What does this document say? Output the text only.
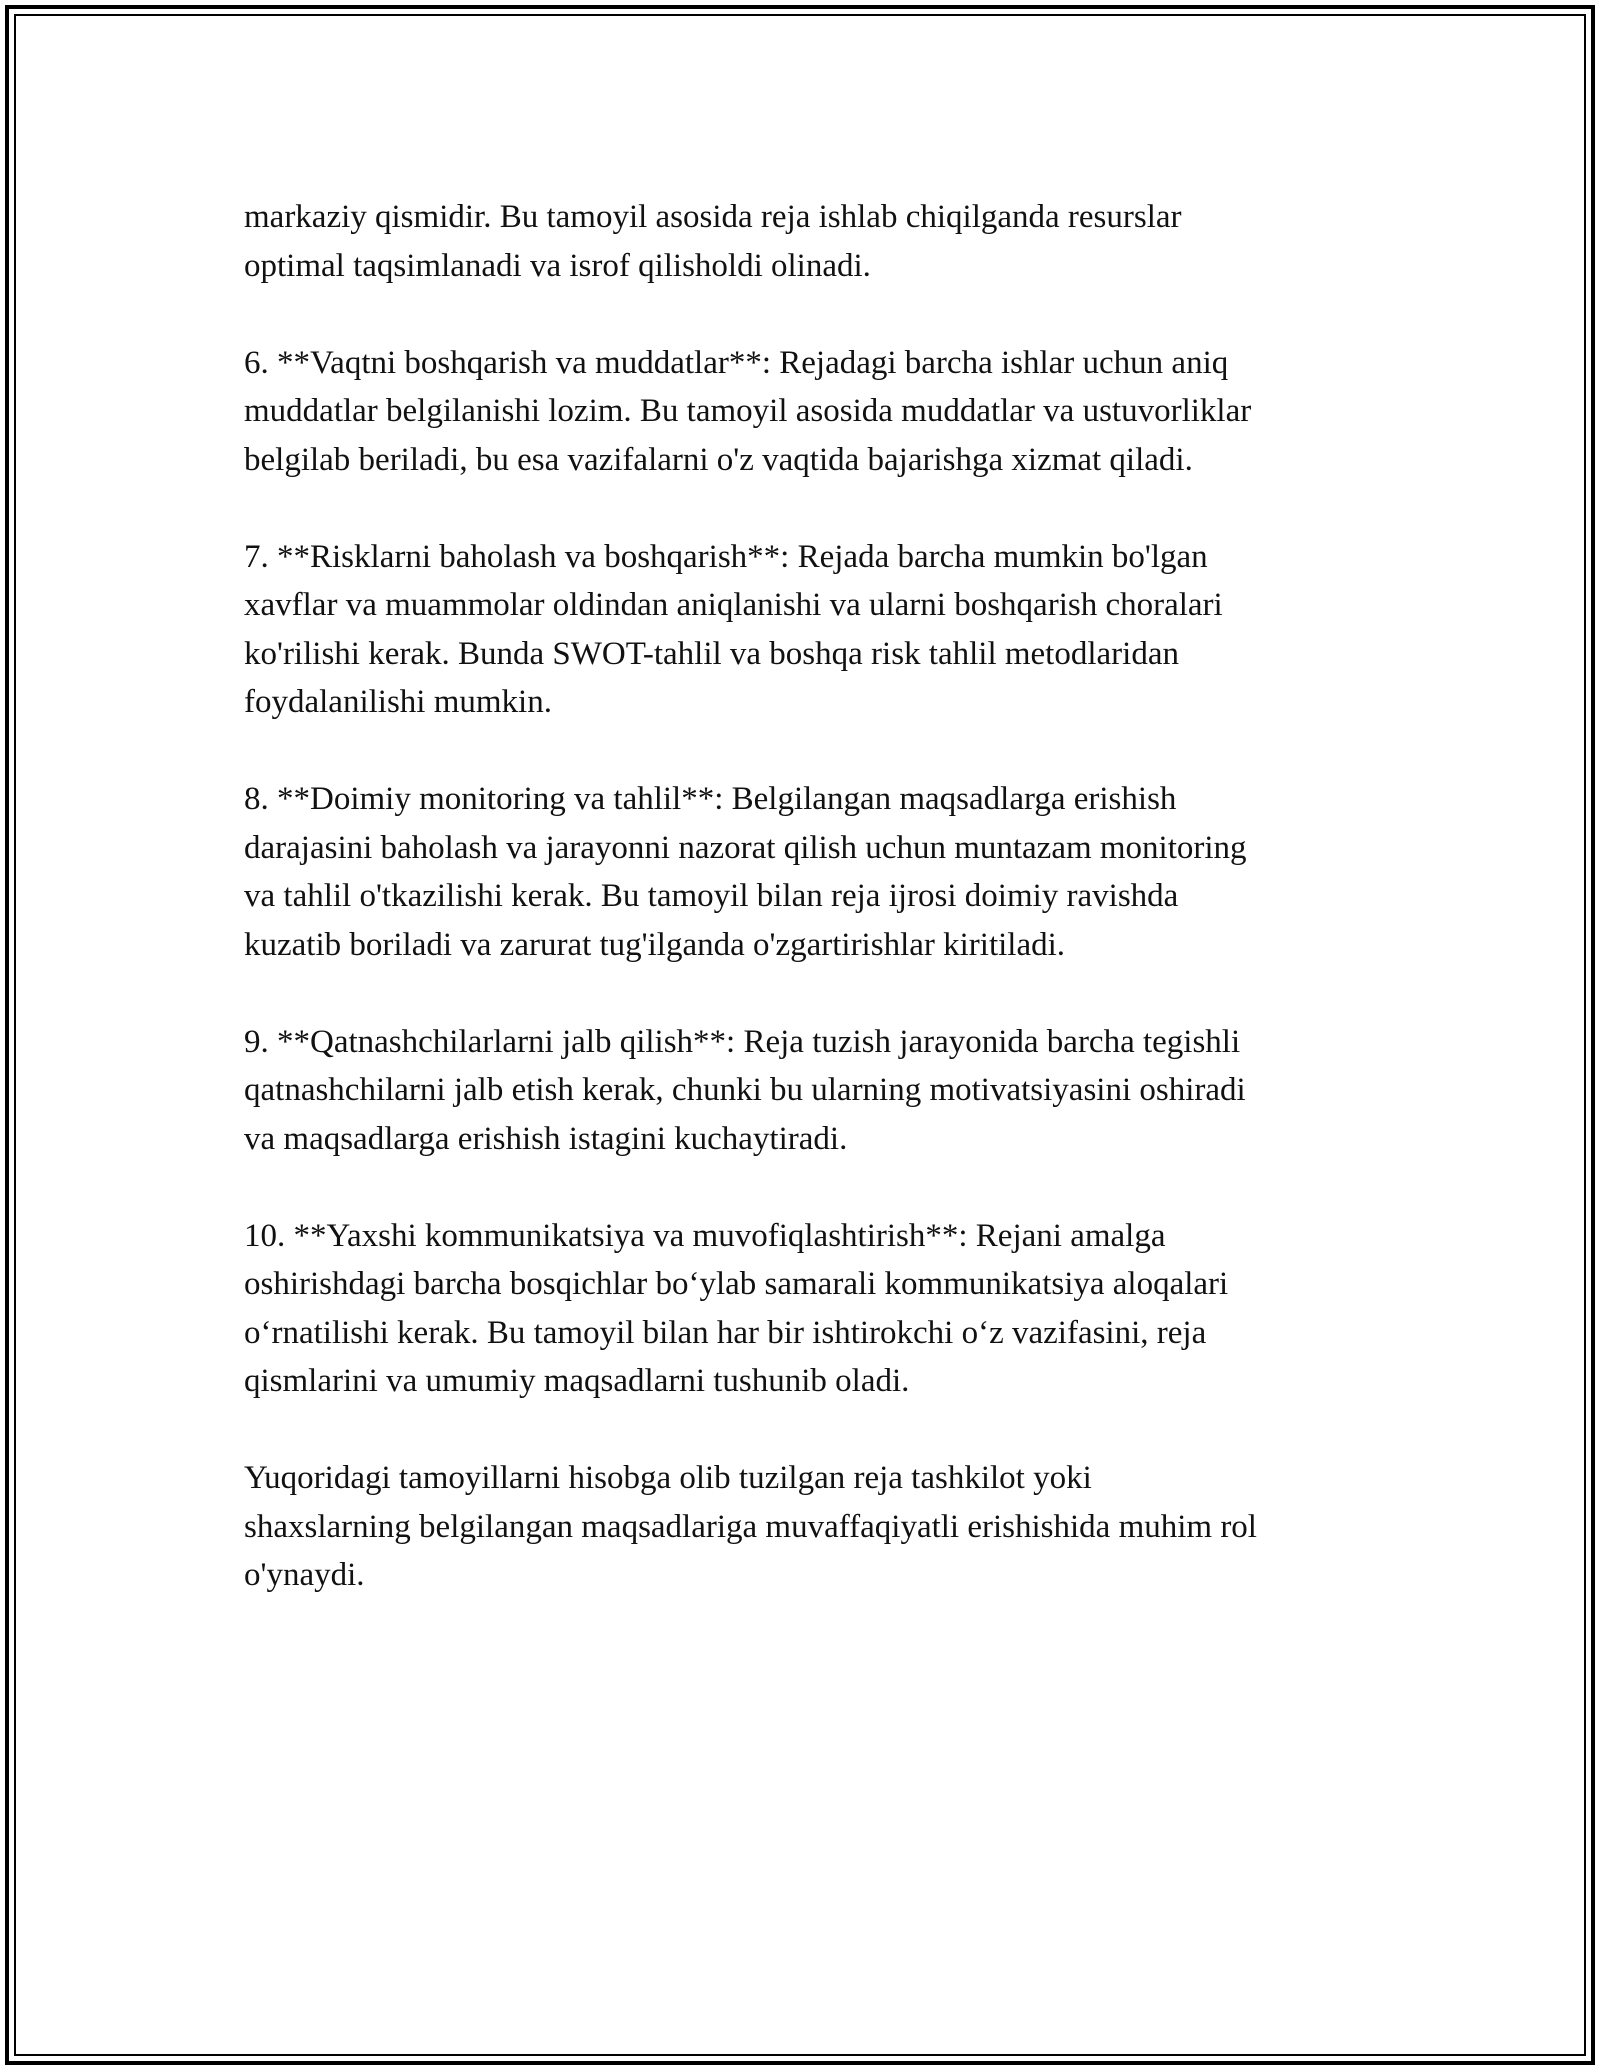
markaziy qismidir. Bu tamoyil asosida reja ishlab chiqilganda resurslar
optimal taqsimlanadi va isrof qilisholdi olinadi.

6. **Vaqtni boshqarish va muddatlar**: Rejadagi barcha ishlar uchun aniq
muddatlar belgilanishi lozim. Bu tamoyil asosida muddatlar va ustuvorliklar
belgilab beriladi, bu esa vazifalarni o'z vaqtida bajarishga xizmat qiladi.

7. **Risklarni baholash va boshqarish**: Rejada barcha mumkin bo'lgan
xavflar va muammolar oldindan aniqlanishi va ularni boshqarish choralari
ko'rilishi kerak. Bunda SWOT-tahlil va boshqa risk tahlil metodlaridan
foydalanilishi mumkin.

8. **Doimiy monitoring va tahlil**: Belgilangan maqsadlarga erishish
darajasini baholash va jarayonni nazorat qilish uchun muntazam monitoring
va tahlil o'tkazilishi kerak. Bu tamoyil bilan reja ijrosi doimiy ravishda
kuzatib boriladi va zarurat tug'ilganda o'zgartirishlar kiritiladi.

9. **Qatnashchilarlarni jalb qilish**: Reja tuzish jarayonida barcha tegishli
qatnashchilarni jalb etish kerak, chunki bu ularning motivatsiyasini oshiradi
va maqsadlarga erishish istagini kuchaytiradi.

10. **Yaxshi kommunikatsiya va muvofiqlashtirish**: Rejani amalga
oshirishdagi barcha bosqichlar bo‘ylab samarali kommunikatsiya aloqalari
o‘rnatilishi kerak. Bu tamoyil bilan har bir ishtirokchi o‘z vazifasini, reja
qismlarini va umumiy maqsadlarni tushunib oladi.

Yuqoridagi tamoyillarni hisobga olib tuzilgan reja tashkilot yoki
shaxslarning belgilangan maqsadlariga muvaffaqiyatli erishishida muhim rol
o'ynaydi.
